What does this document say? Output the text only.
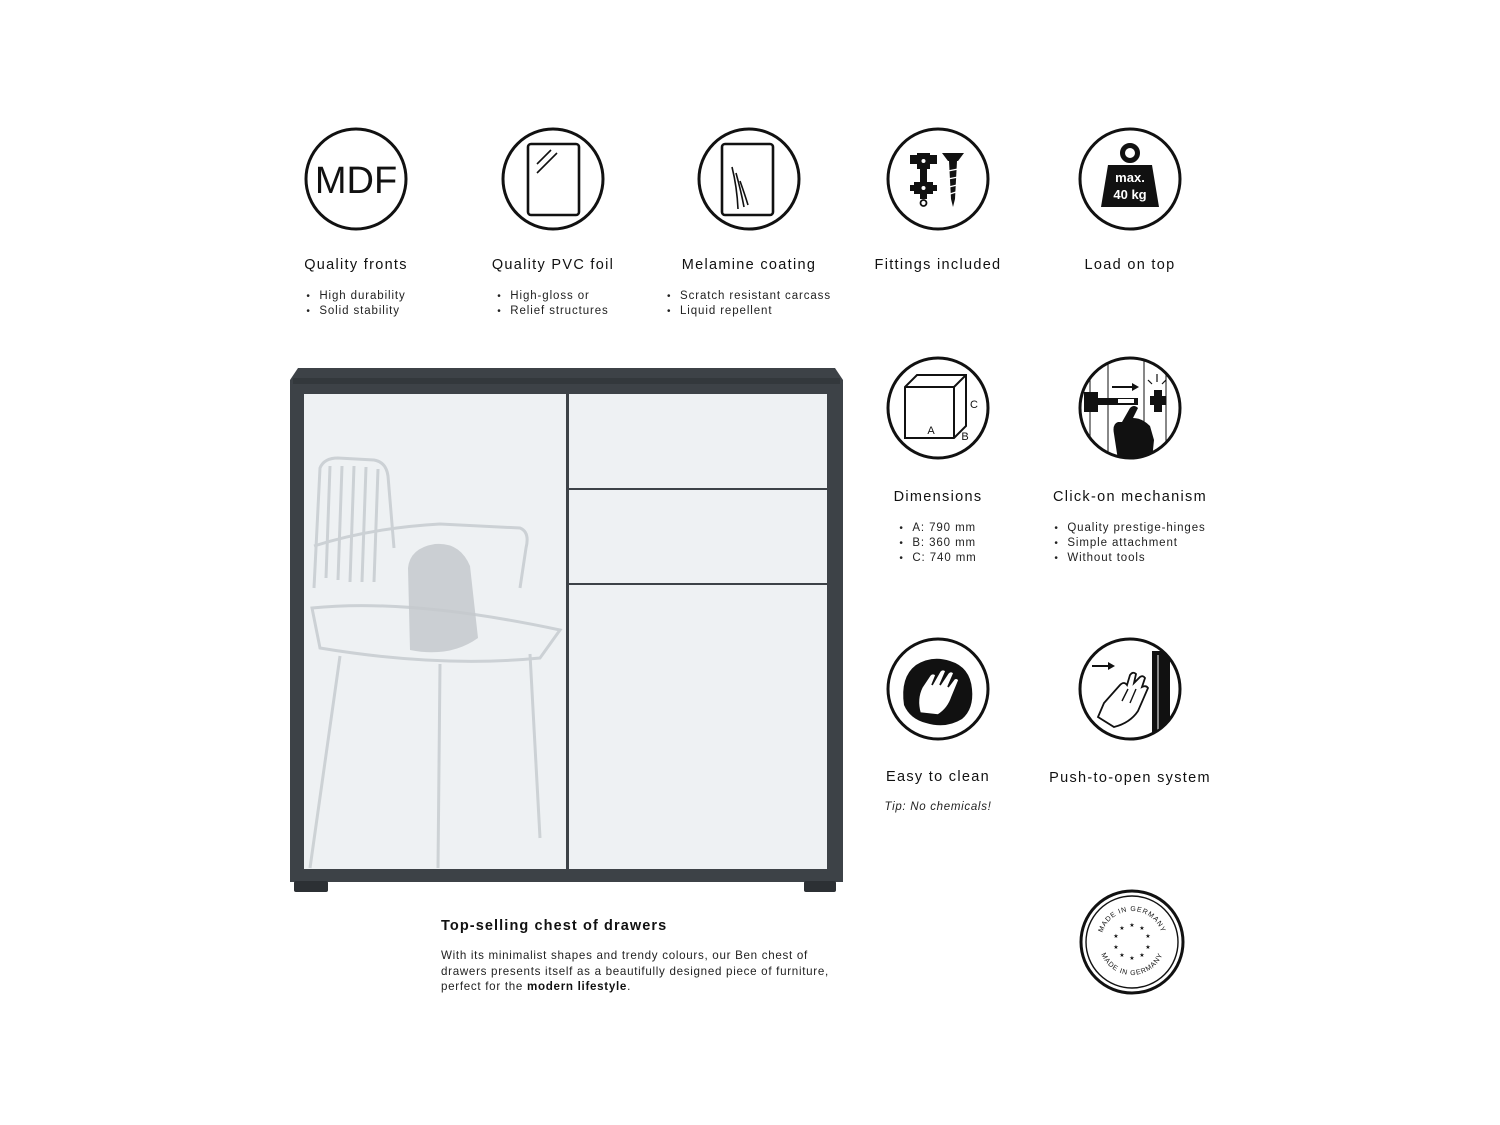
MDF
Quality fronts
• High durability
• Solid stability
Quality PVC foil
• High-gloss or
• Relief structures
Melamine coating
• Scratch resistant carcass
• Liquid repellent
Fittings included
max.
40 kg
Load on top
A B
C
Dimensions
• A: 790 mm
• B: 360 mm
• C: 740 mm
Click-on mechanism
• Quality prestige-hinges
• Simple attachment
• Without tools
Easy to clean
Tip: No chemicals!
Push-to-open system
Top-selling chest of drawers
With its minimalist shapes and trendy colours, our Ben chest of
drawers presents itself as a beautifully designed piece of furniture,
perfect for the modern lifestyle.
MADE IN GERMANY
MADE IN GERMANY
★ ★
★
★
★
★
★
★
★
★
